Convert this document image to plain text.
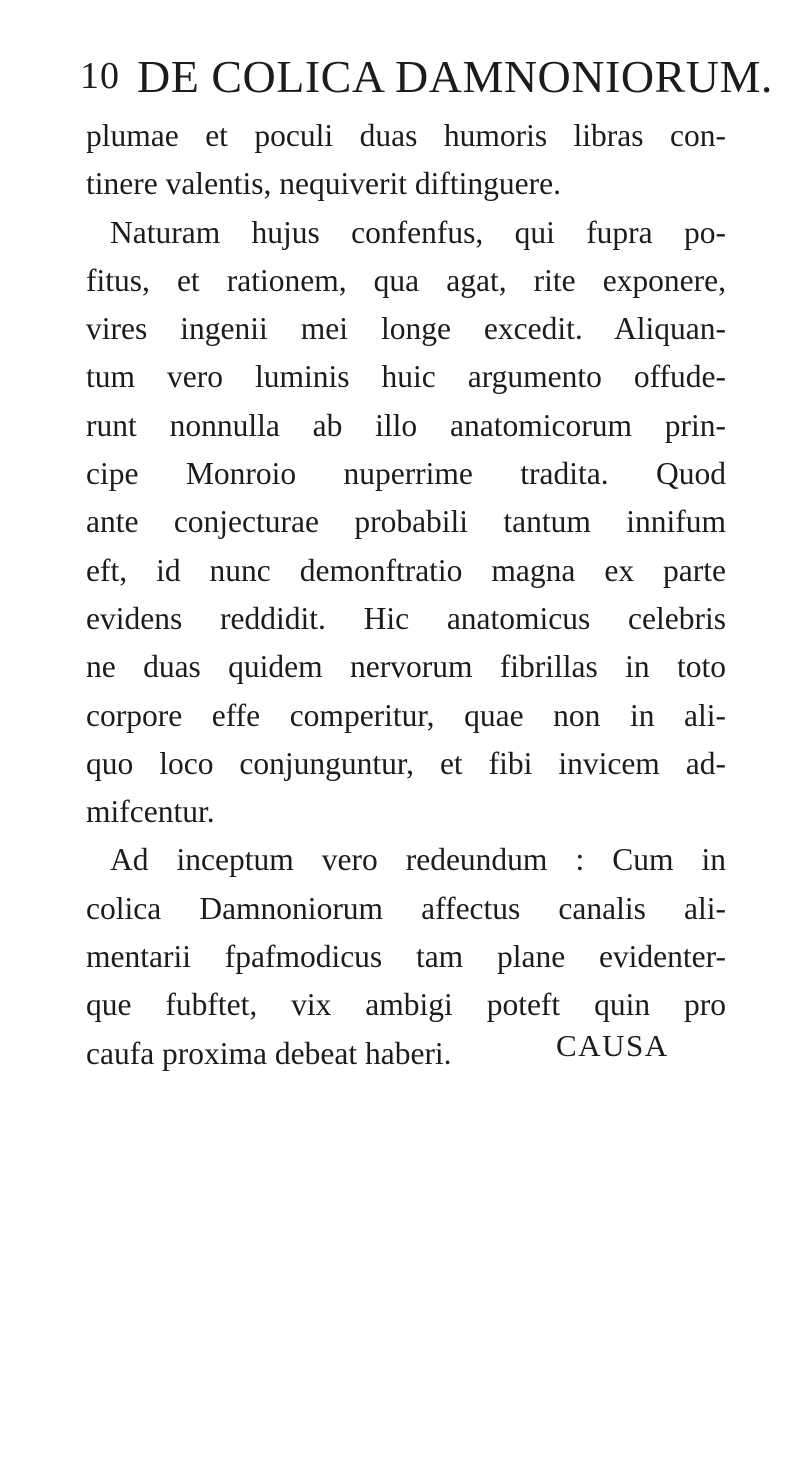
10 DE COLICA DAMNONIORUM.
plumae et poculi duas humoris libras con-
tinere valentis, nequiverit diftinguere.
Naturam hujus confenfus, qui fupra po-
fitus, et rationem, qua agat, rite exponere,
vires ingenii mei longe excedit. Aliquan-
tum vero luminis huic argumento offude-
runt nonnulla ab illo anatomicorum prin-
cipe Monroio nuperrime tradita. Quod
ante conjecturae probabili tantum innifum
eft, id nunc demonftratio magna ex parte
evidens reddidit. Hic anatomicus celebris
ne duas quidem nervorum fibrillas in toto
corpore effe comperitur, quae non in ali-
quo loco conjunguntur, et fibi invicem ad-
mifcentur.
Ad inceptum vero redeundum : Cum in
colica Damnoniorum affectus canalis ali-
mentarii fpafmodicus tam plane evidenter-
que fubftet, vix ambigi poteft quin pro
caufa proxima debeat haberi.	CAUSA
